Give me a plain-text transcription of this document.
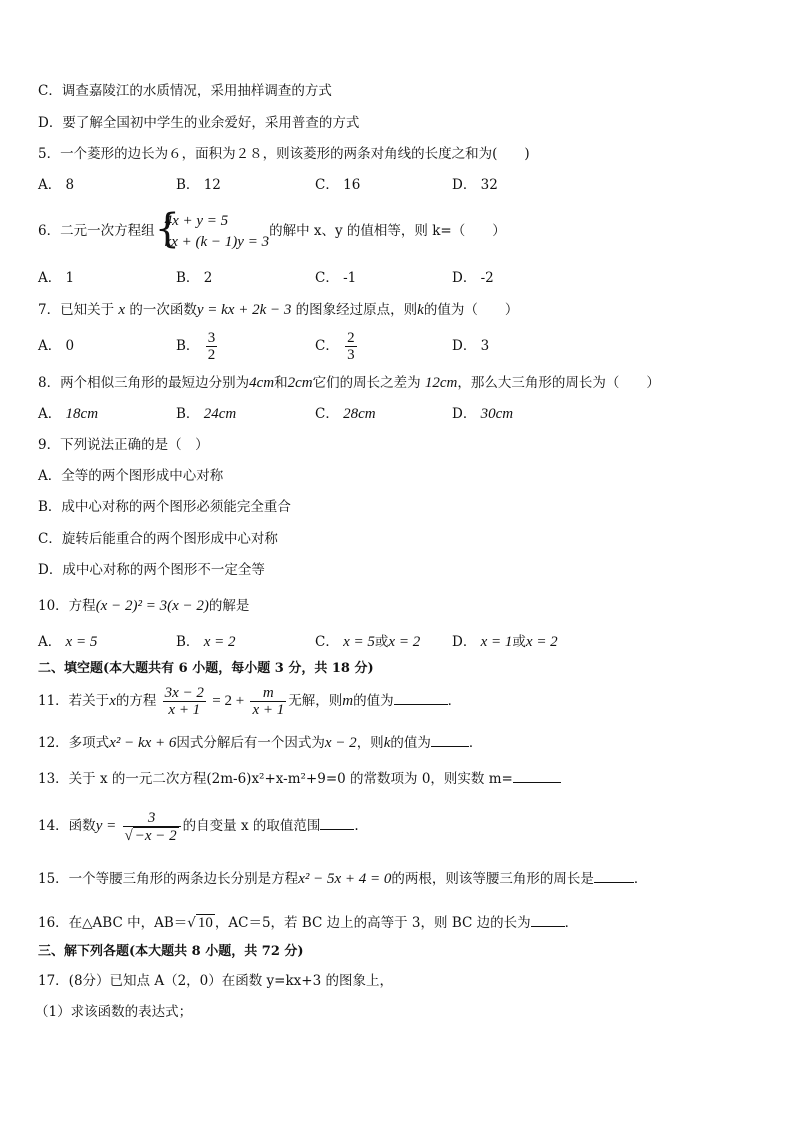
C．调查嘉陵江的水质情况，采用抽样调查的方式
D．要了解全国初中学生的业余爱好，采用普查的方式
5．一个菱形的边长为６，面积为２８，则该菱形的两条对角线的长度之和为(　　)
A． 8	B． 12	C． 16	D． 32
6．二元一次方程组 {
4x + y = 5
kx + (k − 1)y = 3
的解中 x、y 的值相等，则 k=（　　）
A． 1	B． 2	C． -1	D． -2
7．已知关于 x 的一次函数y = kx + 2k − 3 的图象经过原点，则k的值为（　　）
A． 0	B． $\frac{3}{2}$	C． $\frac{2}{3}$	D． 3
8．两个相似三角形的最短边分别为4cm和2cm它们的周长之差为 12cm，那么大三角形的周长为（　　）
A． 18cm	B． 24cm	C． 28cm	D． 30cm
9．下列说法正确的是（　）
A．全等的两个图形成中心对称
B．成中心对称的两个图形必须能完全重合
C．旋转后能重合的两个图形成中心对称
D．成中心对称的两个图形不一定全等
10．方程(x − 2)² = 3(x − 2)的解是
A． x = 5	B． x = 2	C． x = 5或x = 2 D． x = 1或x = 2
二、填空题(本大题共有 6 小题，每小题 3 分，共 18 分)
11．若关于x的方程 $\frac{3x - 2}{x + 1} = 2 + \frac{m}{x + 1}$ 无解，则m的值为	．
12．多项式x² − kx + 6因式分解后有一个因式为x − 2，则k的值为	．
13．关于 x 的一元二次方程(2m-6)x²+x-m²+9=0 的常数项为 0，则实数 m=
14．函数$y = \frac{3}{√ -x - 2}$ 的自变量 x 的取值范围	.
15．一个等腰三角形的两条边长分别是方程x² − 5x + 4 = 0的两根，则该等腰三角形的周长是	．
16．在△ABC 中，AB＝√ 10 ，AC＝5，若 BC 边上的高等于 3，则 BC 边的长为	．
三、解下列各题(本大题共 8 小题，共 72 分)
17．(8分）已知点 A（2，0）在函数 y=kx+3 的图象上，
（1）求该函数的表达式；
